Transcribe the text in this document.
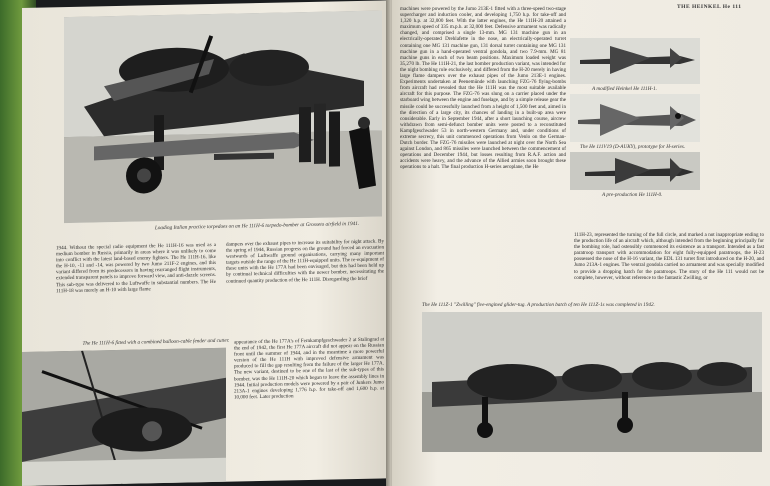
Loading Italian practice torpedoes on an He 111H-6 torpedo-bomber at Grosseto airfield in 1941.
1944. Without the special radio equipment the He 111H-16 was used as a medium bomber in Russia, primarily in areas where it was unlikely to come into conflict with the latest land-based enemy fighters. The He 111H-16, like the H-10, -11 and -14, was powered by two Jumo 211F-2 engines, and this variant differed from its predecessors in having rearranged flight instruments, extended transparent panels to improve forward view, and anti-dazzle screens. This sub-type was delivered to the Luftwaffe in substantial numbers. The He 111H-18 was merely an H-10 with large flame
dampers over the exhaust pipes to increase its suitability for night attack. By the spring of 1944, Russian progress on the ground had forced an evacuation westwards of Luftwaffe ground organisations, carrying many important targets outside the range of the He 111H-equipped units. The re-equipment of these units with the He 177A had been envisaged, but this had been held up by continual technical difficulties with the newer bomber, necessitating the continued quantity production of the He 111H. Disregarding the brief
The He 111H-6 fitted with a combined balloon-cable fender and cutter. appearance of the He 177A's of Fernkampfgeschwader 2 at Stalingrad at the end of 1942, the first He 177A aircraft did not appear on the Russian front until the summer of 1944, and in the meantime a more powerful version of the He 111H with improved defensive armament was produced to fill the gap resulting from the failure of the larger He 177A. The new variant, destined to be one of the last of the sub-types of this bomber, was the He 111H-20 which began to leave the assembly lines in 1944. Initial production models were powered by a pair of Junkers Jumo 213A-1 engines developing 1,776 h.p. for take-off and 1,600 h.p. at 10,000 feet. Later production
THE HEINKEL He 111
machines were powered by the Jumo 213E-1 fitted with a three-speed two-stage supercharger and induction cooler, and developing 1,750 h.p. for take-off and 1,320 h.p. at 32,000 feet. With the latter engines, the He 111H-20 attained a maximum speed of 335 m.p.h. at 32,000 feet. Defensive armament was radically changed, and comprised a single 13-mm. MG 131 machine gun in an electrically-operated Drehlafette in the nose, an electrically-operated turret containing one MG 131 machine gun, 131 dorsal turret containing one MG 131 machine gun in a hand-operated ventral gondola, and two 7.9-mm. MG 81 machine guns in each of two beam positions. Maximum loaded weight was 35,270 lb. The He 111H-21, the last bomber production variant, was intended for the night bombing role exclusively, and differed from the H-20 merely in having large flame dampers over the exhaust pipes of the Jumo 213E-1 engines. Experiments undertaken at Peenemünde with launching FZG-76 flying-bombs from aircraft had revealed that the He 111H was the most suitable available aircraft for this purpose. The FZG-76 was slung on a carrier placed under the starboard wing between the engine and fuselage, and by a simple release gear the missile could be successfully launched from a height of 1,500 feet and, aimed in the direction of a large city, its chances of landing in a built-up area were considerable. Early in September 1944, after a short launching course, aircrew withdrawn from semi-defunct bomber units were posted to a reconstituted Kampfgeschwader 53 in north-western Germany and, under conditions of extreme secrecy, this unit commenced operations from Venlo on the German-Dutch border. The FZG-76 missiles were launched at night over the North Sea against London, and 865 missiles were launched between the commencement of operations and December 1944, but losses resulting from R.A.F. action and accidents were heavy, and the advance of the Allied armies soon brought these operations to a halt. The final production H-series aeroplane, the He
A modified Heinkel He 111H-1.
The He 111V19 (D-AUKY), prototype for H-series.
A pre-production He 111H-0.
111H-23, represented the turning of the full circle, and marked a not inappropriate ending to the production life of an aircraft which, although intended from the beginning principally for the bombing role, had ostensibly commenced its existence as a transport. Intended as a fast paratroop transport with accommodation for eight fully-equipped paratroops, the H-23 possessed the nose of the H-16 variant, the EDL 131 turret first introduced on the H-20, and Jumo 213A-1 engines. The ventral gondola carried no armament and was specially modified to provide a dropping hatch for the paratroops. The story of the He 111 would not be complete, however, without reference to the fantastic Zwilling, or
The He 111Z-1 "Zwilling" five-engined glider-tug. A production batch of ten He 111Z-1s was completed in 1942.
